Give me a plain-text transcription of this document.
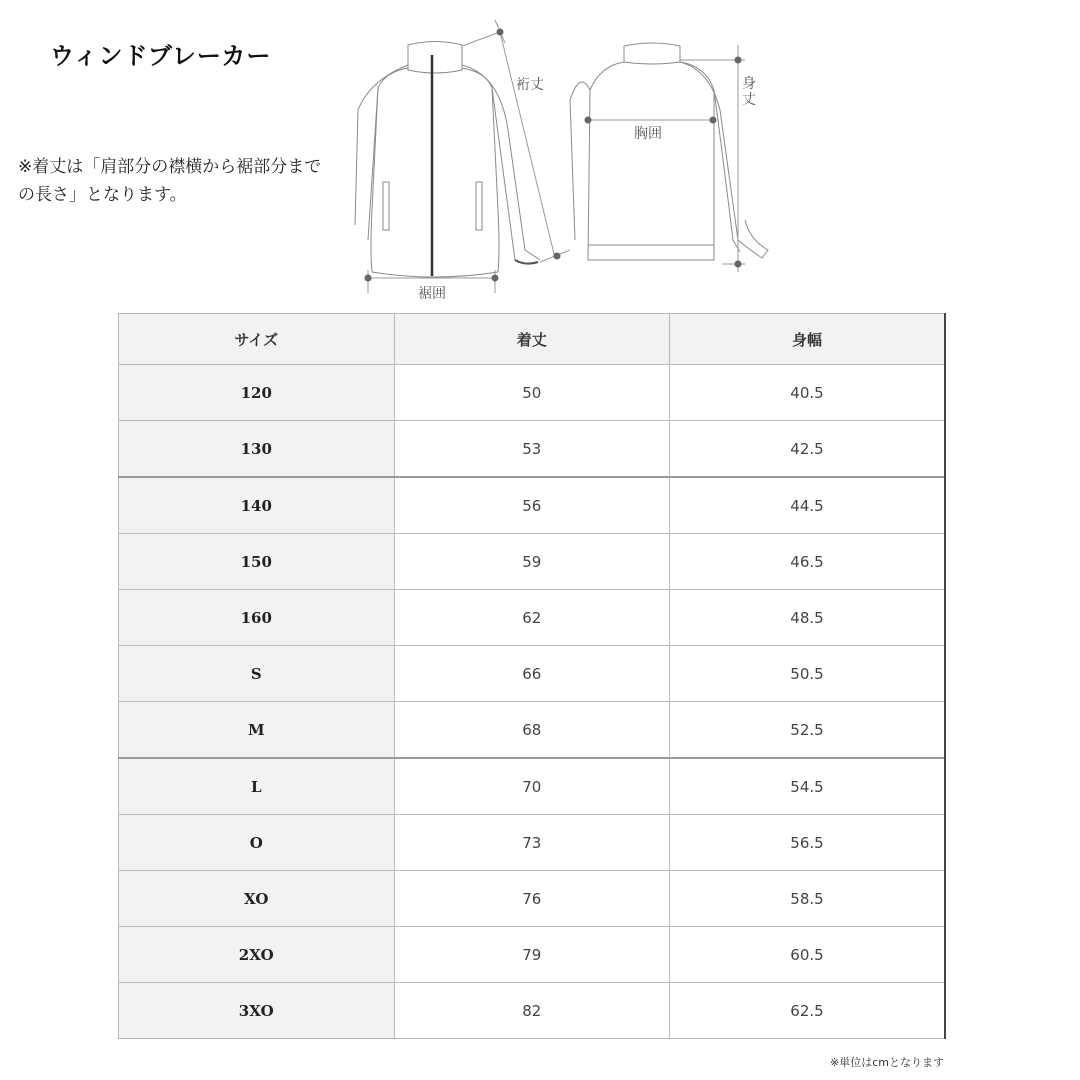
ウィンドブレーカー
※着丈は「肩部分の襟横から裾部分までの長さ」となります。
裄丈
裾囲
胸囲
身
丈
サイズ	着丈	身幅
120	50	40.5
130	53	42.5
140	56	44.5
150	59	46.5
160	62	48.5
S	66	50.5
M	68	52.5
L	70	54.5
O	73	56.5
XO	76	58.5
2XO	79	60.5
3XO	82	62.5
※単位はcmとなります
